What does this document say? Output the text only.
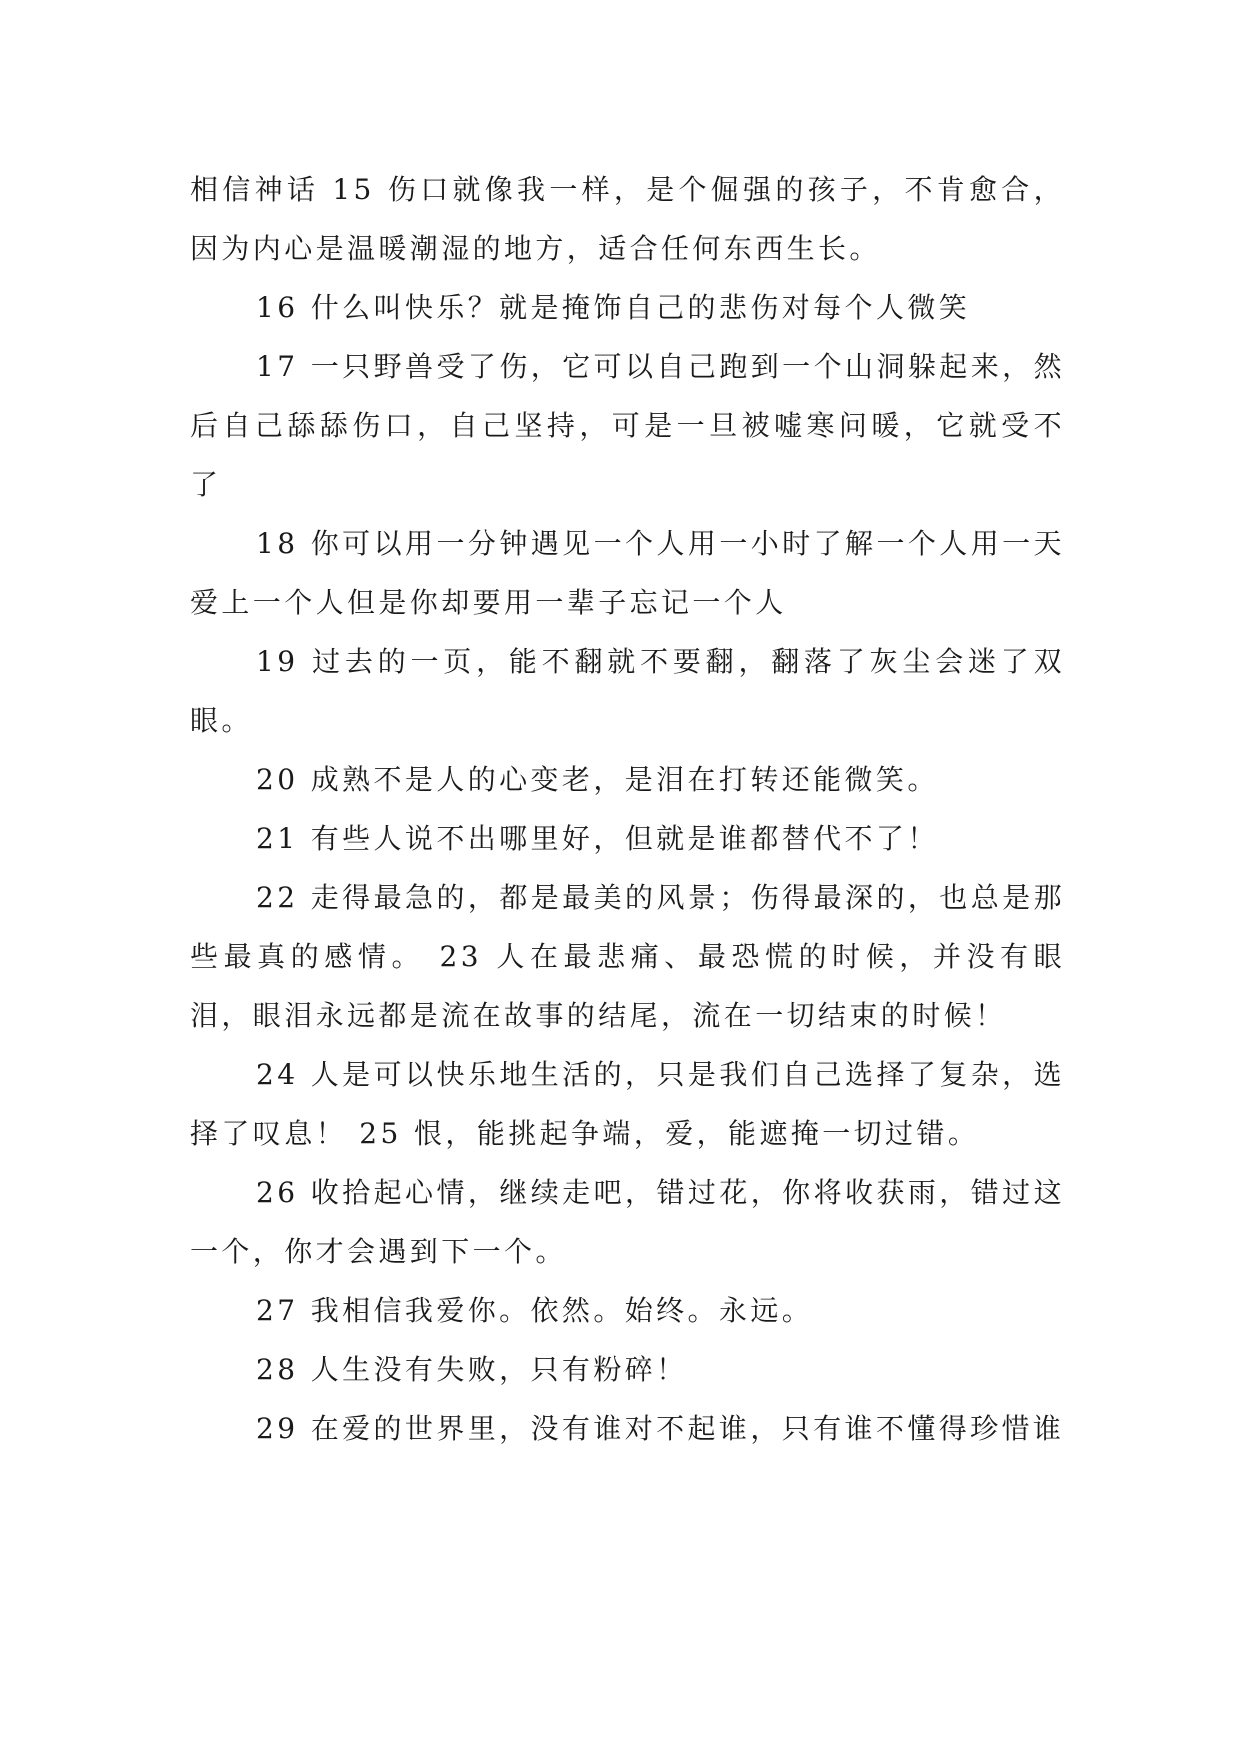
相信神话 15 伤口就像我一样，是个倔强的孩子，不肯愈合，因为内心是温暖潮湿的地方，适合任何东西生长。

16 什么叫快乐？就是掩饰自己的悲伤对每个人微笑

17 一只野兽受了伤，它可以自己跑到一个山洞躲起来，然后自己舔舔伤口，自己坚持，可是一旦被嘘寒问暖，它就受不了

18 你可以用一分钟遇见一个人用一小时了解一个人用一天爱上一个人但是你却要用一辈子忘记一个人

19 过去的一页，能不翻就不要翻，翻落了灰尘会迷了双眼。

20 成熟不是人的心变老，是泪在打转还能微笑。

21 有些人说不出哪里好，但就是谁都替代不了！

22 走得最急的，都是最美的风景；伤得最深的，也总是那些最真的感情。 23 人在最悲痛、最恐慌的时候，并没有眼泪，眼泪永远都是流在故事的结尾，流在一切结束的时候！

24 人是可以快乐地生活的，只是我们自己选择了复杂，选择了叹息！ 25 恨，能挑起争端，爱，能遮掩一切过错。

26 收拾起心情，继续走吧，错过花，你将收获雨，错过这一个，你才会遇到下一个。

27 我相信我爱你。依然。始终。永远。

28 人生没有失败，只有粉碎！

29 在爱的世界里，没有谁对不起谁，只有谁不懂得珍惜谁
